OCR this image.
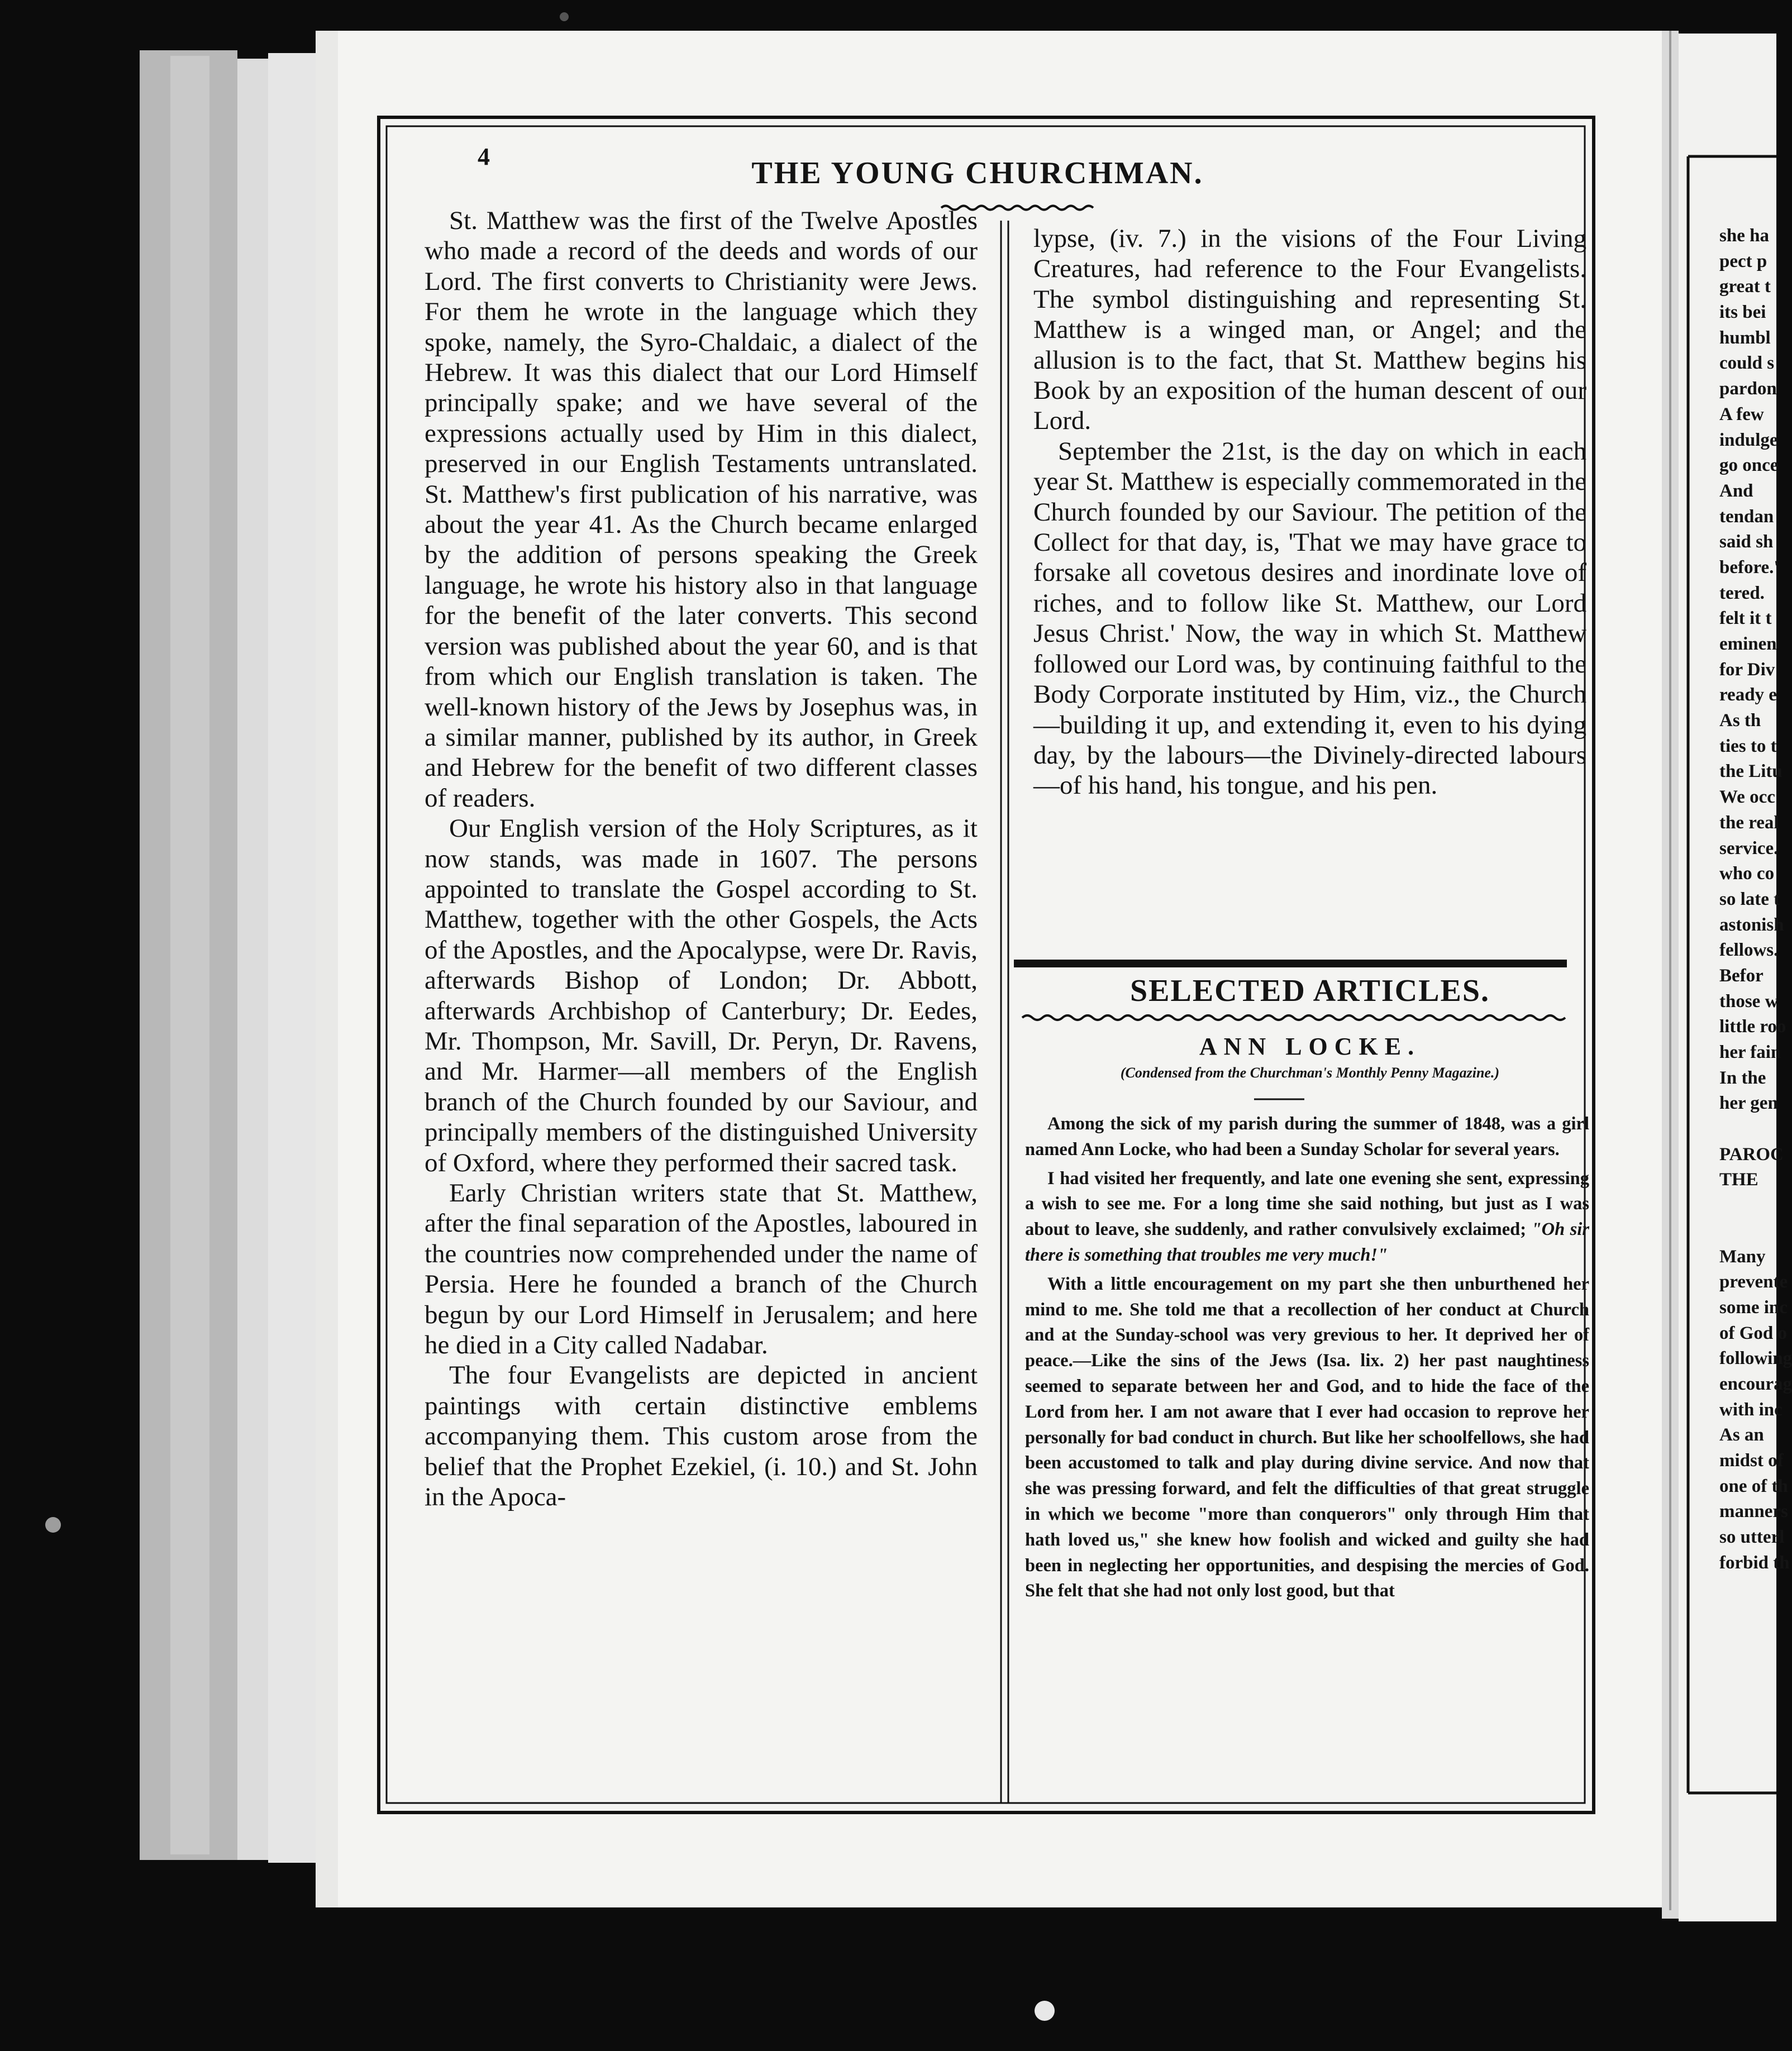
4	THE YOUNG CHURCHMAN.

St. Matthew was the first of the Twelve Apostles who made a record of the deeds and words of our Lord. The first converts to Christianity were Jews. For them he wrote in the language which they spoke, namely, the Syro-Chaldaic, a dialect of the Hebrew. It was this dialect that our Lord Himself principally spake; and we have several of the expressions actually used by Him in this dialect, preserved in our English Testaments untranslated. St. Matthew's first publication of his narrative, was about the year 41. As the Church became enlarged by the addition of persons speaking the Greek language, he wrote his history also in that language for the benefit of the later converts. This second version was published about the year 60, and is that from which our English translation is taken. The well-known history of the Jews by Josephus was, in a similar manner, published by its author, in Greek and Hebrew for the benefit of two different classes of readers.

Our English version of the Holy Scriptures, as it now stands, was made in 1607. The persons appointed to translate the Gospel according to St. Matthew, together with the other Gospels, the Acts of the Apostles, and the Apocalypse, were Dr. Ravis, afterwards Bishop of London; Dr. Abbott, afterwards Archbishop of Canterbury; Dr. Eedes, Mr. Thompson, Mr. Savill, Dr. Peryn, Dr. Ravens, and Mr. Harmer—all members of the English branch of the Church founded by our Saviour, and principally members of the distinguished University of Oxford, where they performed their sacred task.

Early Christian writers state that St. Matthew, after the final separation of the Apostles, laboured in the countries now comprehended under the name of Persia. Here he founded a branch of the Church begun by our Lord Himself in Jerusalem; and here he died in a City called Nadabar.

The four Evangelists are depicted in ancient paintings with certain distinctive emblems accompanying them. This custom arose from the belief that the Prophet Ezekiel, (i. 10.) and St. John in the Apoca-

lypse, (iv. 7.) in the visions of the Four Living Creatures, had reference to the Four Evangelists. The symbol distinguishing and representing St. Matthew is a winged man, or Angel; and the allusion is to the fact, that St. Matthew begins his Book by an exposition of the human descent of our Lord.

September the 21st, is the day on which in each year St. Matthew is especially commemorated in the Church founded by our Saviour. The petition of the Collect for that day, is, 'That we may have grace to forsake all covetous desires and inordinate love of riches, and to follow like St. Matthew, our Lord Jesus Christ.' Now, the way in which St. Matthew followed our Lord was, by continuing faithful to the Body Corporate instituted by Him, viz., the Church—building it up, and extending it, even to his dying day, by the labours—the Divinely-directed labours—of his hand, his tongue, and his pen.

SELECTED ARTICLES.
ANN LOCKE.
(Condensed from the Churchman's Monthly Penny Magazine.)

Among the sick of my parish during the summer of 1848, was a girl named Ann Locke, who had been a Sunday Scholar for several years.

I had visited her frequently, and late one evening she sent, expressing a wish to see me. For a long time she said nothing, but just as I was about to leave, she suddenly, and rather convulsively exclaimed; "Oh sir there is something that troubles me very much!"

With a little encouragement on my part she then unburthened her mind to me. She told me that a recollection of her conduct at Church and at the Sunday-school was very grevious to her. It deprived her of peace.—Like the sins of the Jews (Isa. lix. 2) her past naughtiness seemed to separate between her and God, and to hide the face of the Lord from her. I am not aware that I ever had occasion to reprove her personally for bad conduct in church. But like her schoolfellows, she had been accustomed to talk and play during divine service. And now that she was pressing forward, and felt the difficulties of that great struggle in which we become "more than conquerors" only through Him that hath loved us," she knew how foolish and wicked and guilty she had been in neglecting her opportunities, and despising the mercies of God. She felt that she had not only lost good, but that

she ha
pect p
great t
its bei
humbl
could s
pardon
A few
indulge
go once
And
tendan
said sh
before.'
tered.
felt it t
eminen
for Div
ready e
As th
ties to t
the Litu
We occ
the real
service.
who co
so late t
astonish
fellows.
Befor
those w
little roo
her fain
In the
her gen
PAROC
THE
Many
prevente
some inc
of God o
following
encourag
with inc
As an
midst of
one of th
manners
so utterl
forbid th
